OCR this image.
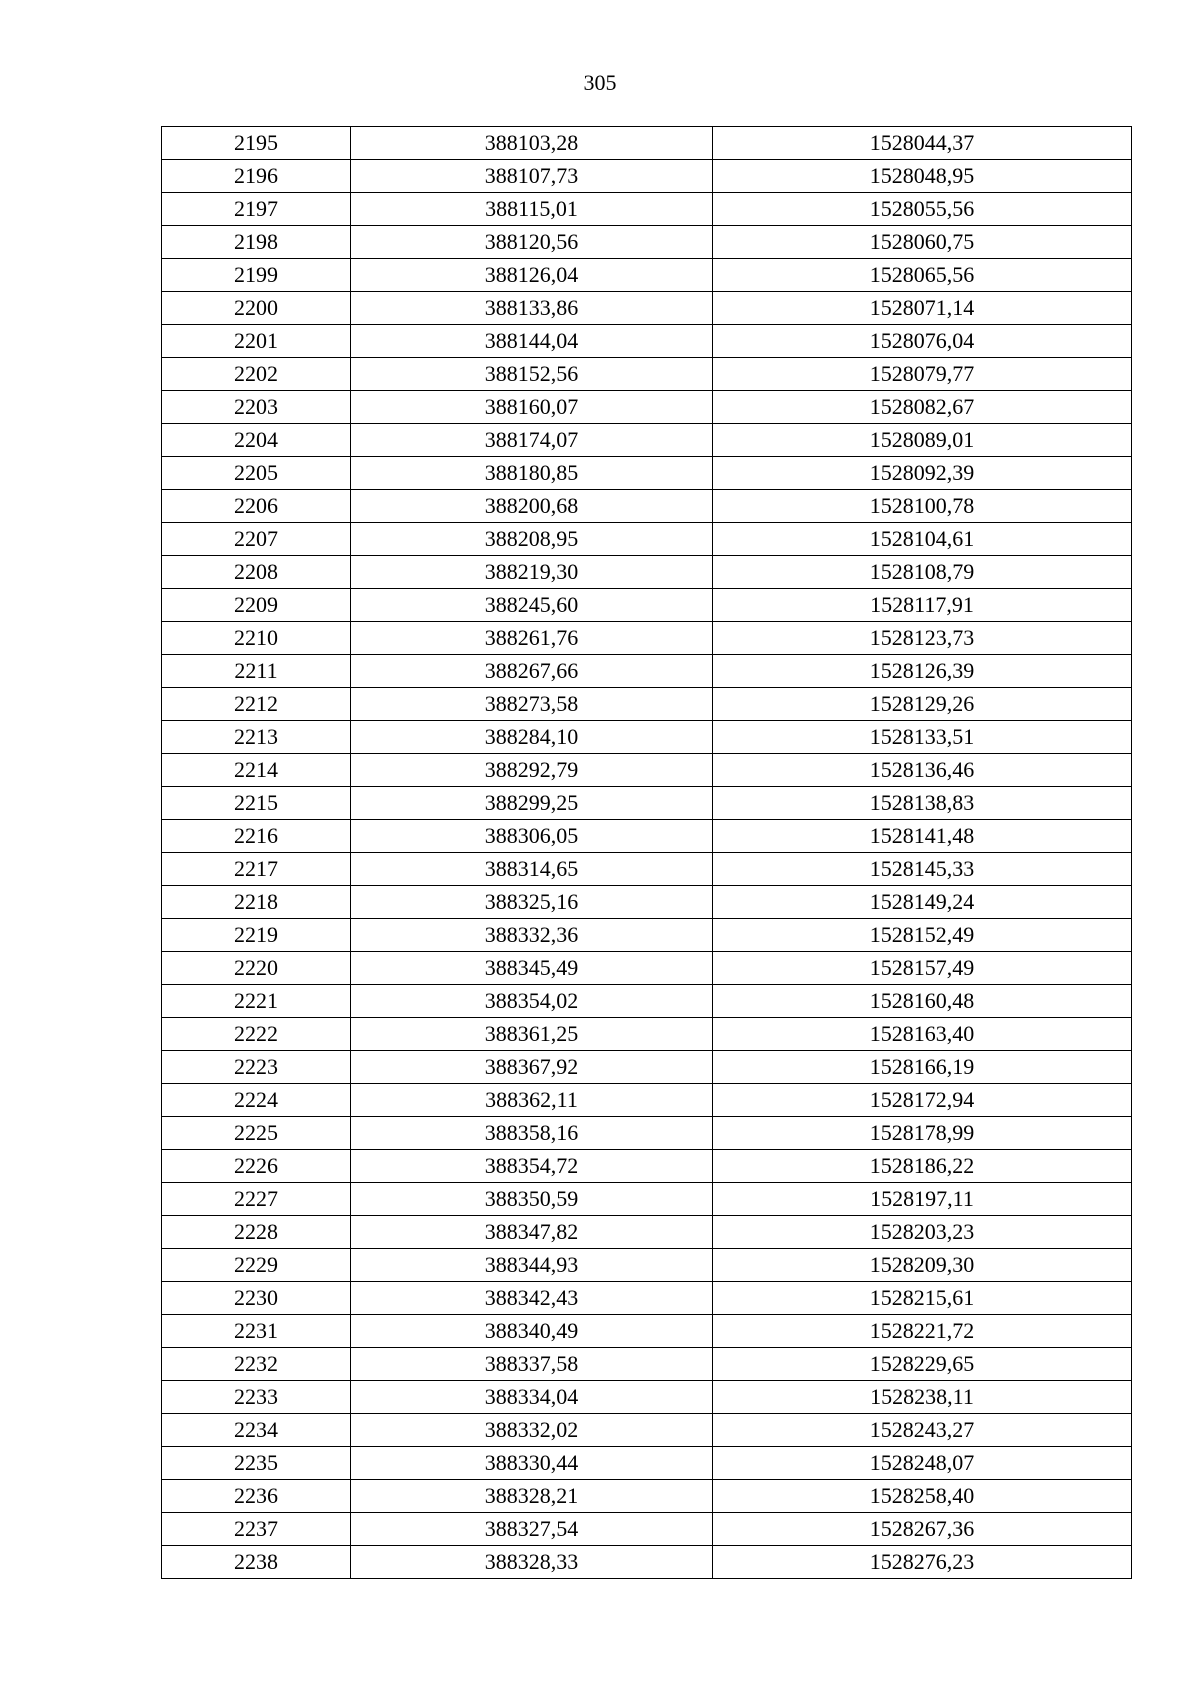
305
2195	388103,28	1528044,37
2196	388107,73	1528048,95
2197	388115,01	1528055,56
2198	388120,56	1528060,75
2199	388126,04	1528065,56
2200	388133,86	1528071,14
2201	388144,04	1528076,04
2202	388152,56	1528079,77
2203	388160,07	1528082,67
2204	388174,07	1528089,01
2205	388180,85	1528092,39
2206	388200,68	1528100,78
2207	388208,95	1528104,61
2208	388219,30	1528108,79
2209	388245,60	1528117,91
2210	388261,76	1528123,73
2211	388267,66	1528126,39
2212	388273,58	1528129,26
2213	388284,10	1528133,51
2214	388292,79	1528136,46
2215	388299,25	1528138,83
2216	388306,05	1528141,48
2217	388314,65	1528145,33
2218	388325,16	1528149,24
2219	388332,36	1528152,49
2220	388345,49	1528157,49
2221	388354,02	1528160,48
2222	388361,25	1528163,40
2223	388367,92	1528166,19
2224	388362,11	1528172,94
2225	388358,16	1528178,99
2226	388354,72	1528186,22
2227	388350,59	1528197,11
2228	388347,82	1528203,23
2229	388344,93	1528209,30
2230	388342,43	1528215,61
2231	388340,49	1528221,72
2232	388337,58	1528229,65
2233	388334,04	1528238,11
2234	388332,02	1528243,27
2235	388330,44	1528248,07
2236	388328,21	1528258,40
2237	388327,54	1528267,36
2238	388328,33	1528276,23
